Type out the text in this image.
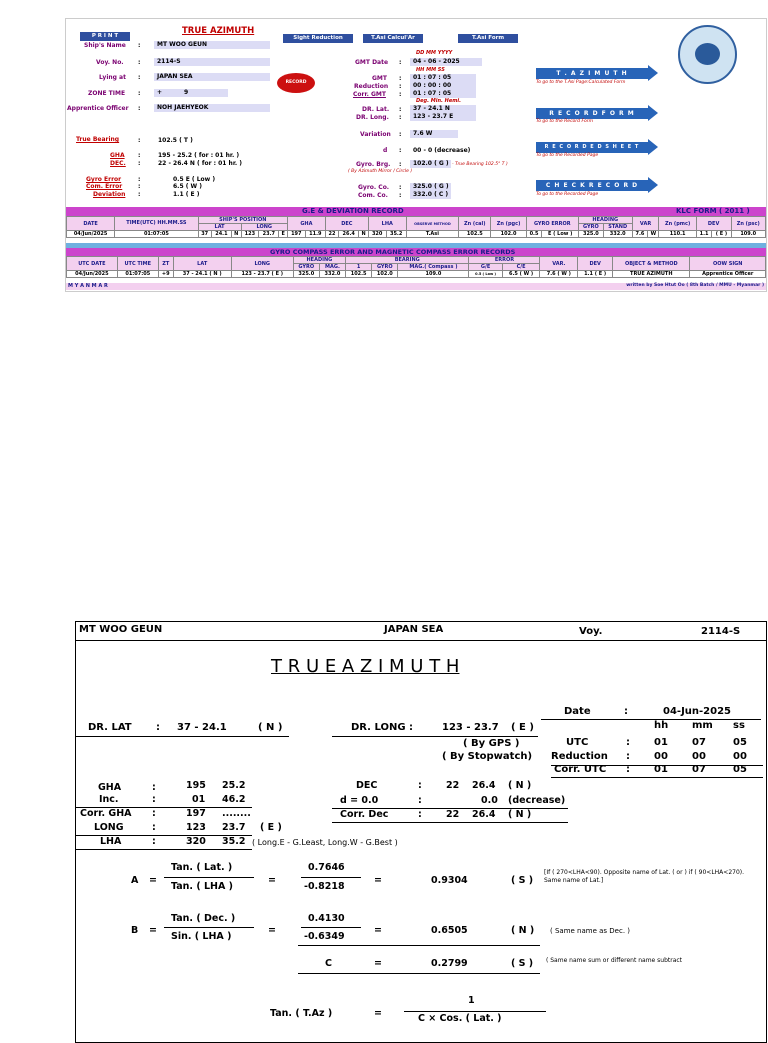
P R I N T	TRUE AZIMUTH
Sight Reduction	T.Asi Calcul'Ar	T.Asi Form
Ship's Name :	MT WOO GEUN
Voy. No. :	2114-S
Lying at :	JAPAN SEA
ZONE TIME :	+	9
Apprentice Officer :	NOH JAEHYEOK
RECORD
True Bearing	:	102.5 ( T )
GHA :	195 - 25.2 ( for : 01 hr. )
DEC. :	22 - 26.4 N ( for : 01 hr. )
Gyro Error	:	0.5 E ( Low )
Com. Error	:	6.5 ( W )
Deviation :	1.1 ( E )
DD MM YYYY
GMT Date :	04 - 06 - 2025
HH MM SS
GMT :	01 : 07 : 05
Reduction :	00 : 00 : 00
Corr. GMT :	01 : 07 : 05
Deg. Min. Hemi.
DR. Lat. :	37 - 24.1 N
DR. Long. :	123 - 23.7 E
Variation :	7.6 W
d : 00 - 0 (decrease)
Gyro. Brg. :	102.0 ( G ) - True Bearing 102.5° T )
( By Azimuth Mirror / Circle )
Gyro. Co. :	325.0 ( G )
Com. Co. :	332.0 ( C )
T . A Z I M U T H
To go to the T.Asi Page:Calculated Form
R E C O R D F O R M
To go to the Record Form
R E C O R D E D S H E E T
To go to the Recorded Page
C H E C K R E C O R D
To go to the Recorded Page
G.E & DEVIATION RECORD	KLC FORM ( 2011 )
DATE	TIME(UTC) HH.MM.SS	SHIP'S POSITION						GHA		DEC			LHA		OBSERVE METHOD	Zn (cal)	Zn (pgc)	GYRO ERROR		HEADING		VAR		Zn (pmc)	DEV		Zn (psc)
		LAT			LONG															GYRO	STAND						
04/Jun/2025	01:07:05	37	24.1	N	123	23.7	E	197	11.9	22	26.4	N	320	35.2	T.Asi	102.5	102.0	0.5	E ( Low )	325.0	332.0	7.6	W	110.1	1.1	( E )	109.0
GYRO COMPASS ERROR AND MAGNETIC COMPASS ERROR RECORDS
UTC DATE	UTC TIME	ZT	LAT	LONG	HEADING		BEARING			ERROR		VAR.	DEV	OBJECT & METHOD	OOW SIGN
					GYRO	MAG.	1	GYRO	MAG.( Compass )	G/E	C/E				
04/Jun/2025	01:07:05	+9	37 - 24.1 ( N )	123 - 23.7 ( E )	325.0	332.0	102.5	102.0	109.0	0.5 ( Low )	6.5 ( W )	7.6 ( W )	1.1 ( E )	TRUE AZIMUTH	Apprentice Officer
M Y A N M A R	written by Soe Htut Oo ( 8th Batch / MMU - Myanmar )
MT WOO GEUN	JAPAN SEA	Voy.	2114-S
T R U E A Z I M U T H
Date	:	04-Jun-2025
hh mm ss
UTC	: 01 07	05
Reduction : 00 00	00
Corr. UTC : 01 07	05
( By GPS )
( By Stopwatch)
DR. LAT : 37 - 24.1	( N )	DR. LONG :	123 - 23.7 ( E )
GHA	:	195 25.2
Inc.	:	01 46.2
Corr. GHA :	197 ........
LONG	:	123 23.7 ( E )
LHA	:	320 35.2 ( Long.E - G.Least, Long.W - G.Best )
DEC	:	22 26.4 ( N )
d = 0.0	:	0.0 (decrease)
Corr. Dec	:	22 26.4 ( N )
A =
Tan. ( Lat. )
Tan. ( LHA )
=
0.7646
-0.8218
=	0.9304	( S )
[If ( 270<LHA<90). Opposite name of Lat. ( or ) if ( 90<LHA<270). Same name of Lat.]
B =
Tan. ( Dec. )
Sin. ( LHA )
=
0.4130
-0.6349
=	0.6505	( N ) ( Same name as Dec. )
C	=	0.2799	( S ) ( Same name sum or different name subtract
Tan. ( T.Az )	=
1
C × Cos. ( Lat. )
